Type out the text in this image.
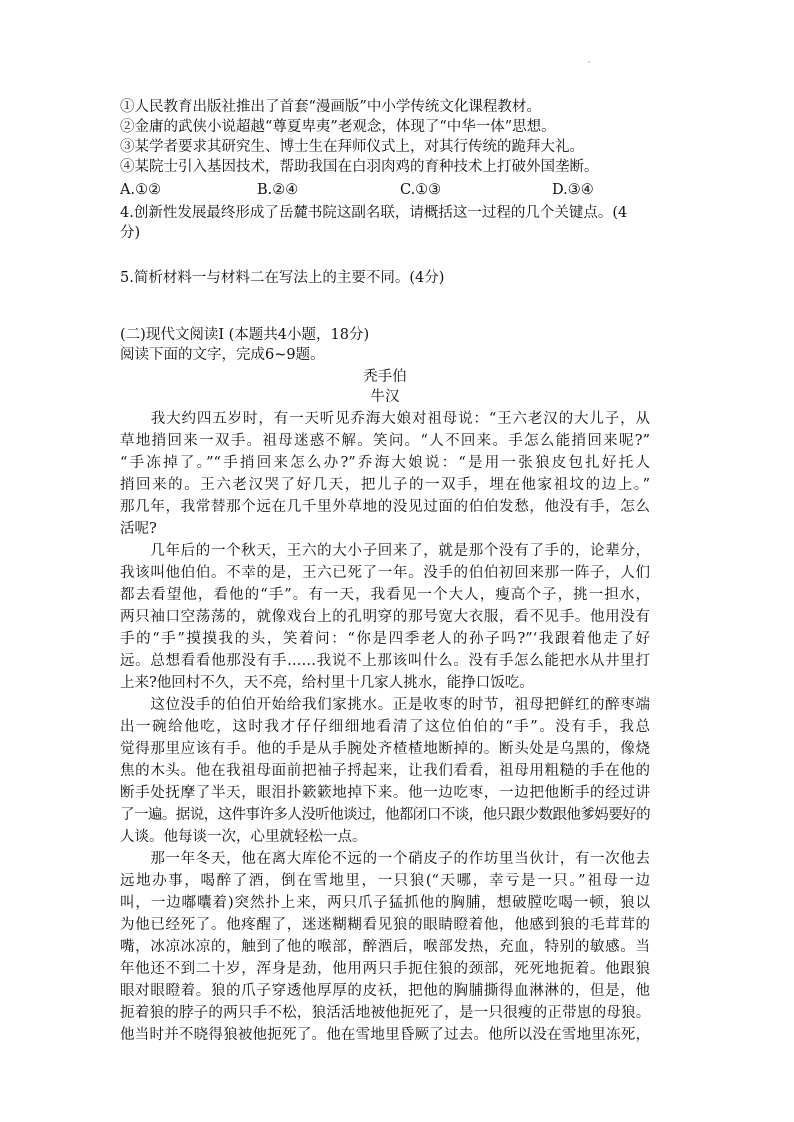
①人民教育出版社推出了首套“漫画版”中小学传统文化课程教材。
②金庸的武侠小说超越“尊夏卑夷”老观念，体现了“中华一体”思想。
③某学者要求其研究生、博士生在拜师仪式上，对其行传统的跪拜大礼。
④某院士引入基因技术，帮助我国在白羽肉鸡的育种技术上打破外国垄断。
A.①②	B.②④	C.①③	D.③④
4.创新性发展最终形成了岳麓书院这副名联，请概括这一过程的几个关键点。(4
分)
5.简析材料一与材料二在写法上的主要不同。(4分)
(二)现代文阅读Ⅰ (本题共4小题，18分)
阅读下面的文字，完成6~9题。
秃手伯
牛汉
　　我大约四五岁时，有一天听见乔海大娘对祖母说：“王六老汉的大儿子，从
草地捎回来一双手。祖母迷惑不解。笑问。“人不回来。手怎么能捎回来呢?”
“手冻掉了。”“手捎回来怎么办?”乔海大娘说：“是用一张狼皮包扎好托人
捎回来的。王六老汉哭了好几天，把儿子的一双手，埋在他家祖坟的边上。”
那几年，我常替那个远在几千里外草地的没见过面的伯伯发愁，他没有手，怎么
活呢?
　　几年后的一个秋天，王六的大小子回来了，就是那个没有了手的，论辈分，
我该叫他伯伯。不幸的是，王六已死了一年。没手的伯伯初回来那一阵子，人们
都去看望他，看他的“手”。有一天，我看见一个大人，瘦高个子，挑一担水，
两只袖口空荡荡的，就像戏台上的孔明穿的那号宽大衣服，看不见手。他用没有
手的“手”摸摸我的头，笑着问：“你是四季老人的孙子吗?”‘我跟着他走了好
远。总想看看他那没有手……我说不上那该叫什么。没有手怎么能把水从井里打
上来?他回村不久，天不亮，给村里十几家人挑水，能挣口饭吃。
　　这位没手的伯伯开始给我们家挑水。正是收枣的时节，祖母把鲜红的醉枣端
出一碗给他吃，这时我才仔仔细细地看清了这位伯伯的“手”。没有手，我总
觉得那里应该有手。他的手是从手腕处齐楂楂地断掉的。断头处是乌黑的，像烧
焦的木头。他在我祖母面前把袖子捋起来，让我们看看，祖母用粗糙的手在他的
断手处抚摩了半天，眼泪扑簌簌地掉下来。他一边吃枣，一边把他断手的经过讲
了一遍。据说，这件事许多人没听他谈过，他都闭口不谈，他只跟少数跟他爹妈要好的
人谈。他每谈一次，心里就轻松一点。
　　那一年冬天，他在离大库伦不远的一个硝皮子的作坊里当伙计，有一次他去
远地办事，喝醉了酒，倒在雪地里，一只狼(“天哪，幸亏是一只。”祖母一边
叫，一边嘟囔着)突然扑上来，两只爪子猛抓他的胸脯，想破膛吃喝一顿，狼以
为他已经死了。他疼醒了，迷迷糊糊看见狼的眼睛瞪着他，他感到狼的毛茸茸的
嘴，冰凉冰凉的，触到了他的喉部，醉酒后，喉部发热，充血，特别的敏感。当
年他还不到二十岁，浑身是劲，他用两只手扼住狼的颈部，死死地扼着。他跟狼
眼对眼瞪着。狼的爪子穿透他厚厚的皮袄，把他的胸脯撕得血淋淋的，但是，他
扼着狼的脖子的两只手不松，狼活活地被他扼死了，是一只很瘦的正带崽的母狼。
他当时并不晓得狼被他扼死了。他在雪地里昏厥了过去。他所以没在雪地里冻死，
